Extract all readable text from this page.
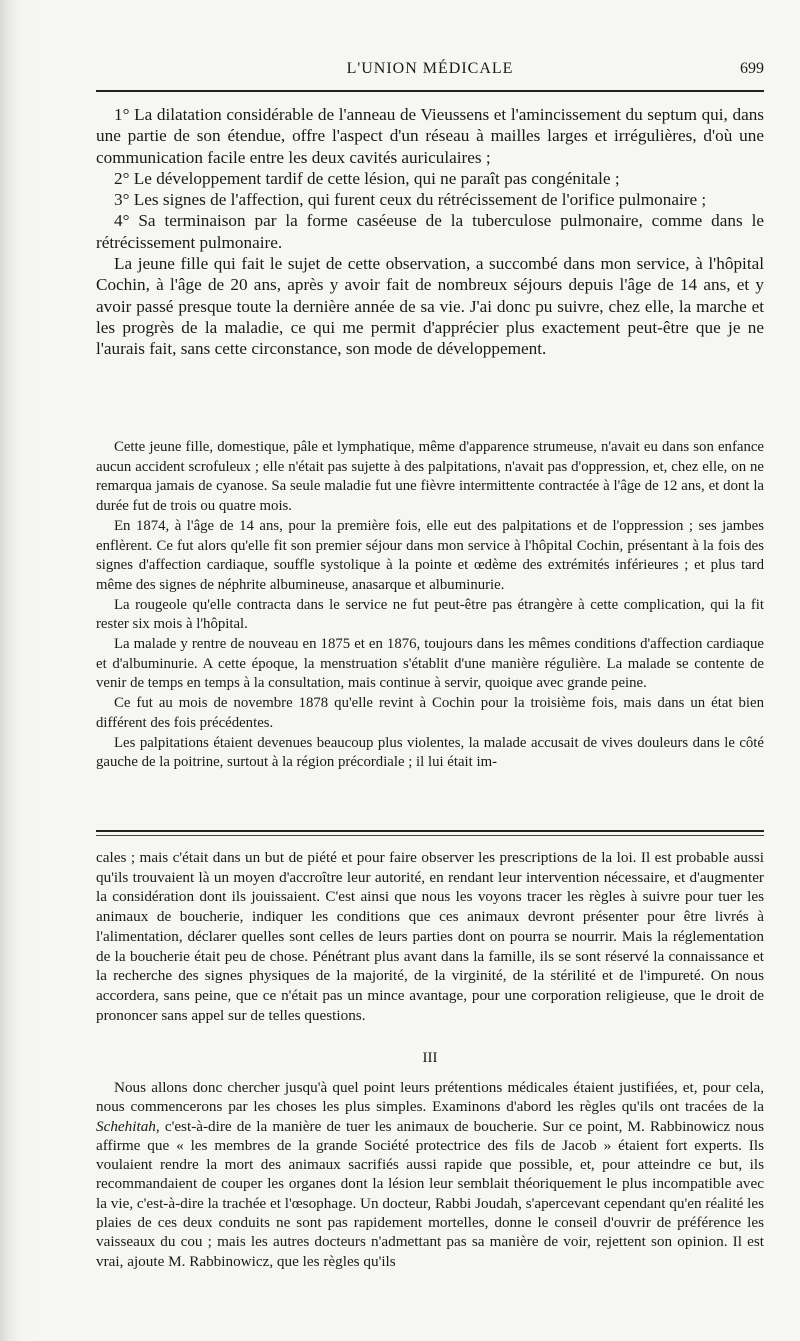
L'UNION MÉDICALE	699

1° La dilatation considérable de l'anneau de Vieussens et l'amincissement du septum qui, dans une partie de son étendue, offre l'aspect d'un réseau à mailles larges et irrégulières, d'où une communication facile entre les deux cavités auriculaires ;

2° Le développement tardif de cette lésion, qui ne paraît pas congénitale ;

3° Les signes de l'affection, qui furent ceux du rétrécissement de l'orifice pulmonaire ;

4° Sa terminaison par la forme caséeuse de la tuberculose pulmonaire, comme dans le rétrécissement pulmonaire.

La jeune fille qui fait le sujet de cette observation, a succombé dans mon service, à l'hôpital Cochin, à l'âge de 20 ans, après y avoir fait de nombreux séjours depuis l'âge de 14 ans, et y avoir passé presque toute la dernière année de sa vie. J'ai donc pu suivre, chez elle, la marche et les progrès de la maladie, ce qui me permit d'apprécier plus exactement peut-être que je ne l'aurais fait, sans cette circonstance, son mode de développement.

Cette jeune fille, domestique, pâle et lymphatique, même d'apparence strumeuse, n'avait eu dans son enfance aucun accident scrofuleux ; elle n'était pas sujette à des palpitations, n'avait pas d'oppression, et, chez elle, on ne remarqua jamais de cyanose. Sa seule maladie fut une fièvre intermittente contractée à l'âge de 12 ans, et dont la durée fut de trois ou quatre mois.

En 1874, à l'âge de 14 ans, pour la première fois, elle eut des palpitations et de l'oppression ; ses jambes enflèrent. Ce fut alors qu'elle fit son premier séjour dans mon service à l'hôpital Cochin, présentant à la fois des signes d'affection cardiaque, souffle systolique à la pointe et œdème des extrémités inférieures ; et plus tard même des signes de néphrite albumineuse, anasarque et albuminurie.

La rougeole qu'elle contracta dans le service ne fut peut-être pas étrangère à cette complication, qui la fit rester six mois à l'hôpital.

La malade y rentre de nouveau en 1875 et en 1876, toujours dans les mêmes conditions d'affection cardiaque et d'albuminurie. A cette époque, la menstruation s'établit d'une manière régulière. La malade se contente de venir de temps en temps à la consultation, mais continue à servir, quoique avec grande peine.

Ce fut au mois de novembre 1878 qu'elle revint à Cochin pour la troisième fois, mais dans un état bien différent des fois précédentes.

Les palpitations étaient devenues beaucoup plus violentes, la malade accusait de vives douleurs dans le côté gauche de la poitrine, surtout à la région précordiale ; il lui était im-

cales ; mais c'était dans un but de piété et pour faire observer les prescriptions de la loi. Il est probable aussi qu'ils trouvaient là un moyen d'accroître leur autorité, en rendant leur intervention nécessaire, et d'augmenter la considération dont ils jouissaient. C'est ainsi que nous les voyons tracer les règles à suivre pour tuer les animaux de boucherie, indiquer les conditions que ces animaux devront présenter pour être livrés à l'alimentation, déclarer quelles sont celles de leurs parties dont on pourra se nourrir. Mais la réglementation de la boucherie était peu de chose. Pénétrant plus avant dans la famille, ils se sont réservé la connaissance et la recherche des signes physiques de la majorité, de la virginité, de la stérilité et de l'impureté. On nous accordera, sans peine, que ce n'était pas un mince avantage, pour une corporation religieuse, que le droit de prononcer sans appel sur de telles questions.

III

Nous allons donc chercher jusqu'à quel point leurs prétentions médicales étaient justifiées, et, pour cela, nous commencerons par les choses les plus simples. Examinons d'abord les règles qu'ils ont tracées de la Schehitah, c'est-à-dire de la manière de tuer les animaux de boucherie. Sur ce point, M. Rabbinowicz nous affirme que « les membres de la grande Société protectrice des fils de Jacob » étaient fort experts. Ils voulaient rendre la mort des animaux sacrifiés aussi rapide que possible, et, pour atteindre ce but, ils recommandaient de couper les organes dont la lésion leur semblait théoriquement le plus incompatible avec la vie, c'est-à-dire la trachée et l'œsophage. Un docteur, Rabbi Joudah, s'apercevant cependant qu'en réalité les plaies de ces deux conduits ne sont pas rapidement mortelles, donne le conseil d'ouvrir de préférence les vaisseaux du cou ; mais les autres docteurs n'admettant pas sa manière de voir, rejettent son opinion. Il est vrai, ajoute M. Rabbinowicz, que les règles qu'ils
